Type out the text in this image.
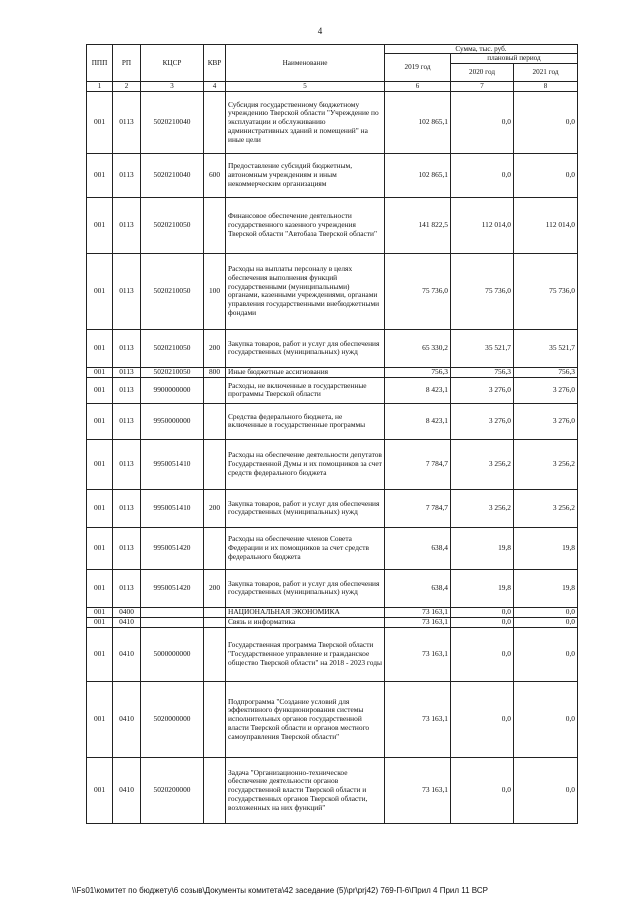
4
ППП	РП	КЦСР	КВР	Наименование	Сумма, тыс. руб.		
					2019 год	плановый период	
						2020 год	2021 год
1	2	3	4	5	6	7	8
001	0113	5020210040		Субсидия государственному бюджетному учреждению Тверской области "Учреждение по эксплуатации и обслуживанию административных зданий и помещений" на иные цели	102 865,1	0,0	0,0
001	0113	5020210040	600	Предоставление субсидий бюджетным, автономным учреждениям и иным некоммерческим организациям	102 865,1	0,0	0,0
001	0113	5020210050		Финансовое обеспечение деятельности государственного казенного учреждения Тверской области "Автобаза Тверской области"	141 822,5	112 014,0	112 014,0
001	0113	5020210050	100	Расходы на выплаты персоналу в целях обеспечения выполнения функций государственными (муниципальными) органами, казенными учреждениями, органами управления государственными внебюджетными фондами	75 736,0	75 736,0	75 736,0
001	0113	5020210050	200	Закупка товаров, работ и услуг для обеспечения государственных (муниципальных) нужд	65 330,2	35 521,7	35 521,7
001	0113	5020210050	800	Иные бюджетные ассигнования	756,3	756,3	756,3
001	0113	9900000000		Расходы, не включенные в государственные программы Тверской области	8 423,1	3 276,0	3 276,0
001	0113	9950000000		Средства федерального бюджета, не включенные в государственные программы	8 423,1	3 276,0	3 276,0
001	0113	9950051410		Расходы на обеспечение деятельности депутатов Государственной Думы и их помощников за счет средств федерального бюджета	7 784,7	3 256,2	3 256,2
001	0113	9950051410	200	Закупка товаров, работ и услуг для обеспечения государственных (муниципальных) нужд	7 784,7	3 256,2	3 256,2
001	0113	9950051420		Расходы на обеспечение членов Совета Федерации и их помощников за счет средств федерального бюджета	638,4	19,8	19,8
001	0113	9950051420	200	Закупка товаров, работ и услуг для обеспечения государственных (муниципальных) нужд	638,4	19,8	19,8
001	0400			НАЦИОНАЛЬНАЯ ЭКОНОМИКА	73 163,1	0,0	0,0
001	0410			Связь и информатика	73 163,1	0,0	0,0
001	0410	5000000000		Государственная программа Тверской области "Государственное управление и гражданское общество Тверской области" на 2018 - 2023 годы	73 163,1	0,0	0,0
001	0410	5020000000		Подпрограмма "Создание условий для эффективного функционирования системы исполнительных органов государственной власти Тверской области и органов местного самоуправления Тверской области"	73 163,1	0,0	0,0
001	0410	5020200000		Задача "Организационно-техническое обеспечение деятельности органов государственной власти Тверской области и государственных органов Тверской области, возложенных на них функций"	73 163,1	0,0	0,0
\\Fs01\комитет по бюджету\6 созыв\Документы комитета\42 заседание (5)\pr\prj42) 769-П-6\Прил 4 Прил 11 ВСР
